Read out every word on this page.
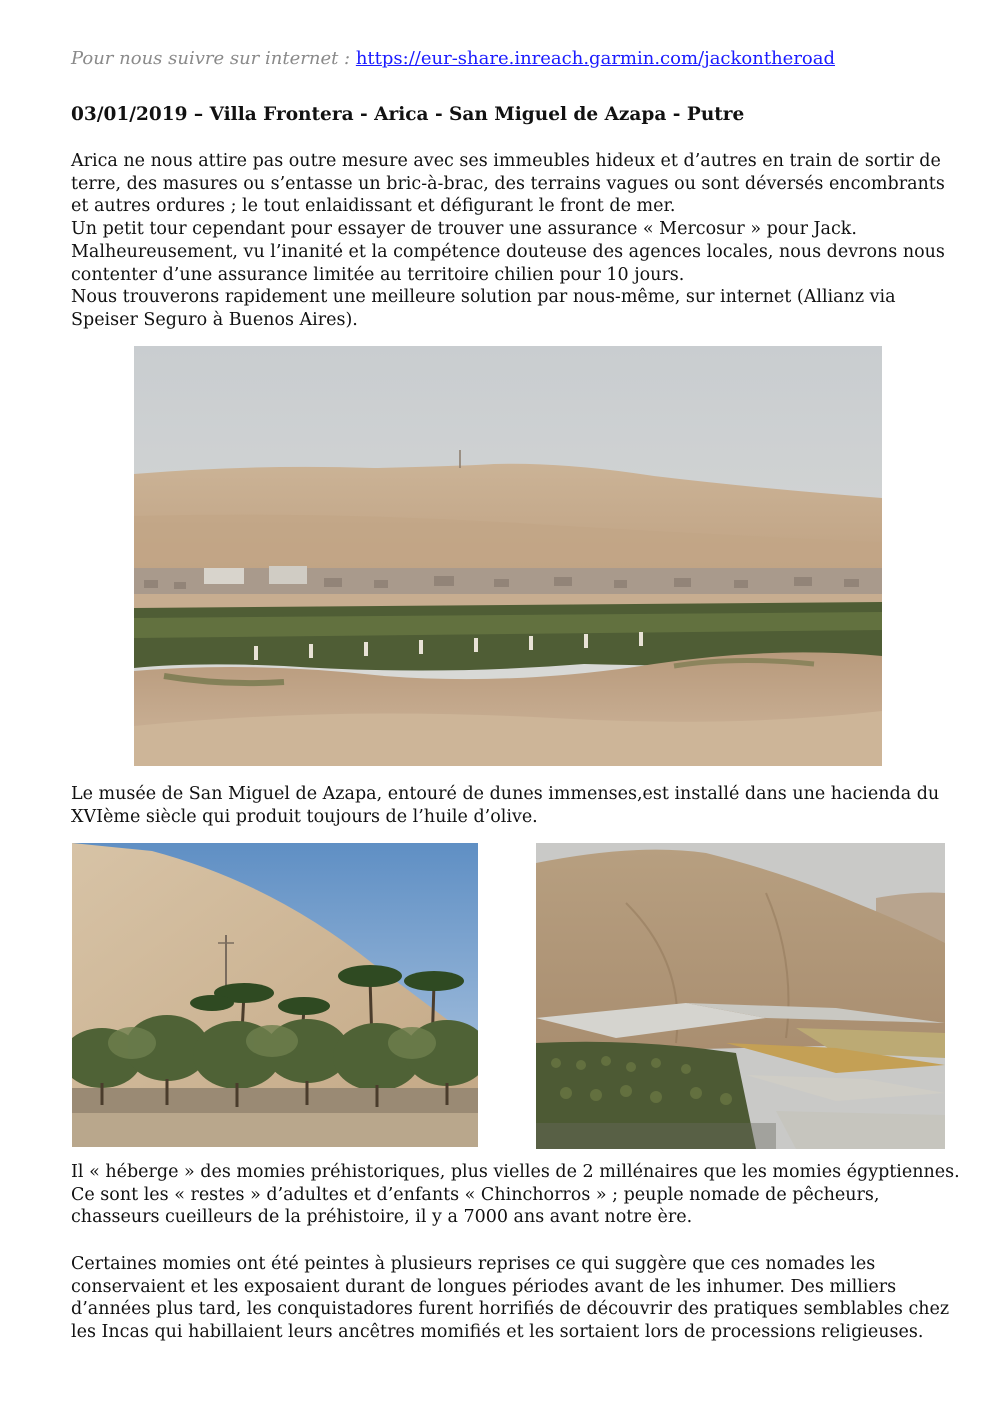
Pour nous suivre sur internet : https://eur-share.inreach.garmin.com/jackontheroad
03/01/2019 – Villa Frontera - Arica - San Miguel de Azapa - Putre

Arica ne nous attire pas outre mesure avec ses immeubles hideux et d’autres en train de sortir de
terre, des masures ou s’entasse un bric-à-brac, des terrains vagues ou sont déversés encombrants
et autres ordures ; le tout enlaidissant et défigurant le front de mer.
Un petit tour cependant pour essayer de trouver une assurance « Mercosur » pour Jack.
Malheureusement, vu l’inanité et la compétence douteuse des agences locales, nous devrons nous
contenter d’une assurance limitée au territoire chilien pour 10 jours.
Nous trouverons rapidement une meilleure solution par nous-même, sur internet (Allianz via
Speiser Seguro à Buenos Aires).

Le musée de San Miguel de Azapa, entouré de dunes immenses,est installé dans une hacienda du
XVIème siècle qui produit toujours de l’huile d’olive.

Il « héberge » des momies préhistoriques, plus vielles de 2 millénaires que les momies égyptiennes.
Ce sont les « restes » d’adultes et d’enfants « Chinchorros » ; peuple nomade de pêcheurs,
chasseurs cueilleurs de la préhistoire, il y a 7000 ans avant notre ère.

Certaines momies ont été peintes à plusieurs reprises ce qui suggère que ces nomades les
conservaient et les exposaient durant de longues périodes avant de les inhumer. Des milliers
d’années plus tard, les conquistadores furent horrifiés de découvrir des pratiques semblables chez
les Incas qui habillaient leurs ancêtres momifiés et les sortaient lors de processions religieuses.
